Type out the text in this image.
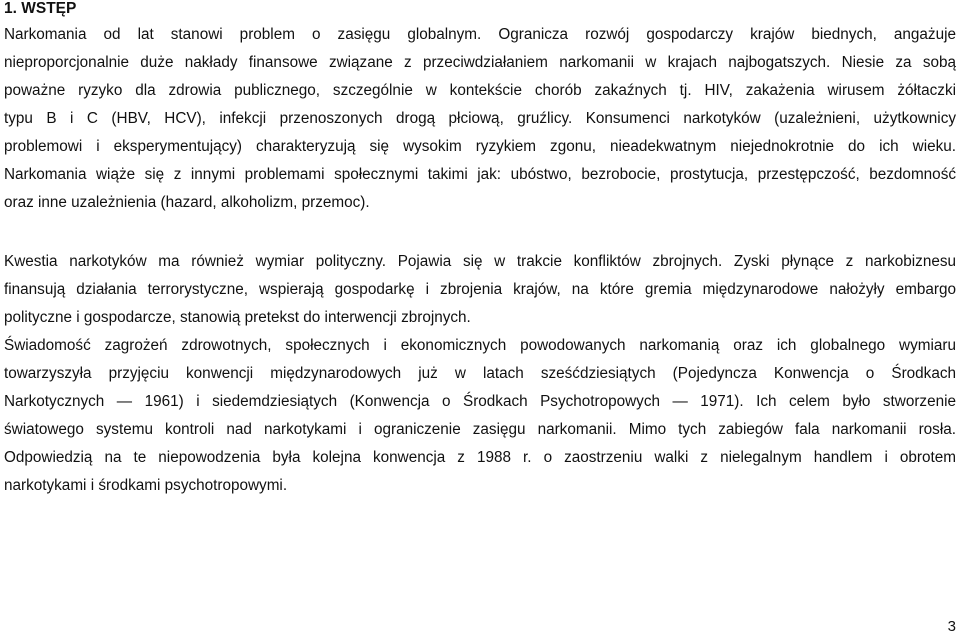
1. WSTĘP
Narkomania od lat stanowi problem o zasięgu globalnym. Ogranicza rozwój gospodarczy krajów biednych, angażuje
nieproporcjonalnie duże nakłady finansowe związane z przeciwdziałaniem narkomanii w krajach najbogatszych. Niesie za sobą
poważne ryzyko dla zdrowia publicznego, szczególnie w kontekście chorób zakaźnych tj. HIV, zakażenia wirusem żółtaczki
typu B i C (HBV, HCV), infekcji przenoszonych drogą płciową, gruźlicy. Konsumenci narkotyków (uzależnieni, użytkownicy
problemowi i eksperymentujący) charakteryzują się wysokim ryzykiem zgonu, nieadekwatnym niejednokrotnie do ich wieku.
Narkomania wiąże się z innymi problemami społecznymi takimi jak: ubóstwo, bezrobocie, prostytucja, przestępczość, bezdomność
oraz inne uzależnienia (hazard, alkoholizm, przemoc).
Kwestia narkotyków ma również wymiar polityczny. Pojawia się w trakcie konfliktów zbrojnych. Zyski płynące z narkobiznesu
finansują działania terrorystyczne, wspierają gospodarkę i zbrojenia krajów, na które gremia międzynarodowe nałożyły embargo
polityczne i gospodarcze, stanowią pretekst do interwencji zbrojnych.
Świadomość zagrożeń zdrowotnych, społecznych i ekonomicznych powodowanych narkomanią oraz ich globalnego wymiaru
towarzyszyła przyjęciu konwencji międzynarodowych już w latach sześćdziesiątych (Pojedyncza Konwencja o Środkach
Narkotycznych — 1961) i siedemdziesiątych (Konwencja o Środkach Psychotropowych — 1971). Ich celem było stworzenie
światowego systemu kontroli nad narkotykami i ograniczenie zasięgu narkomanii. Mimo tych zabiegów fala narkomanii rosła.
Odpowiedzią na te niepowodzenia była kolejna konwencja z 1988 r. o zaostrzeniu walki z nielegalnym handlem i obrotem
narkotykami i środkami psychotropowymi.
3
